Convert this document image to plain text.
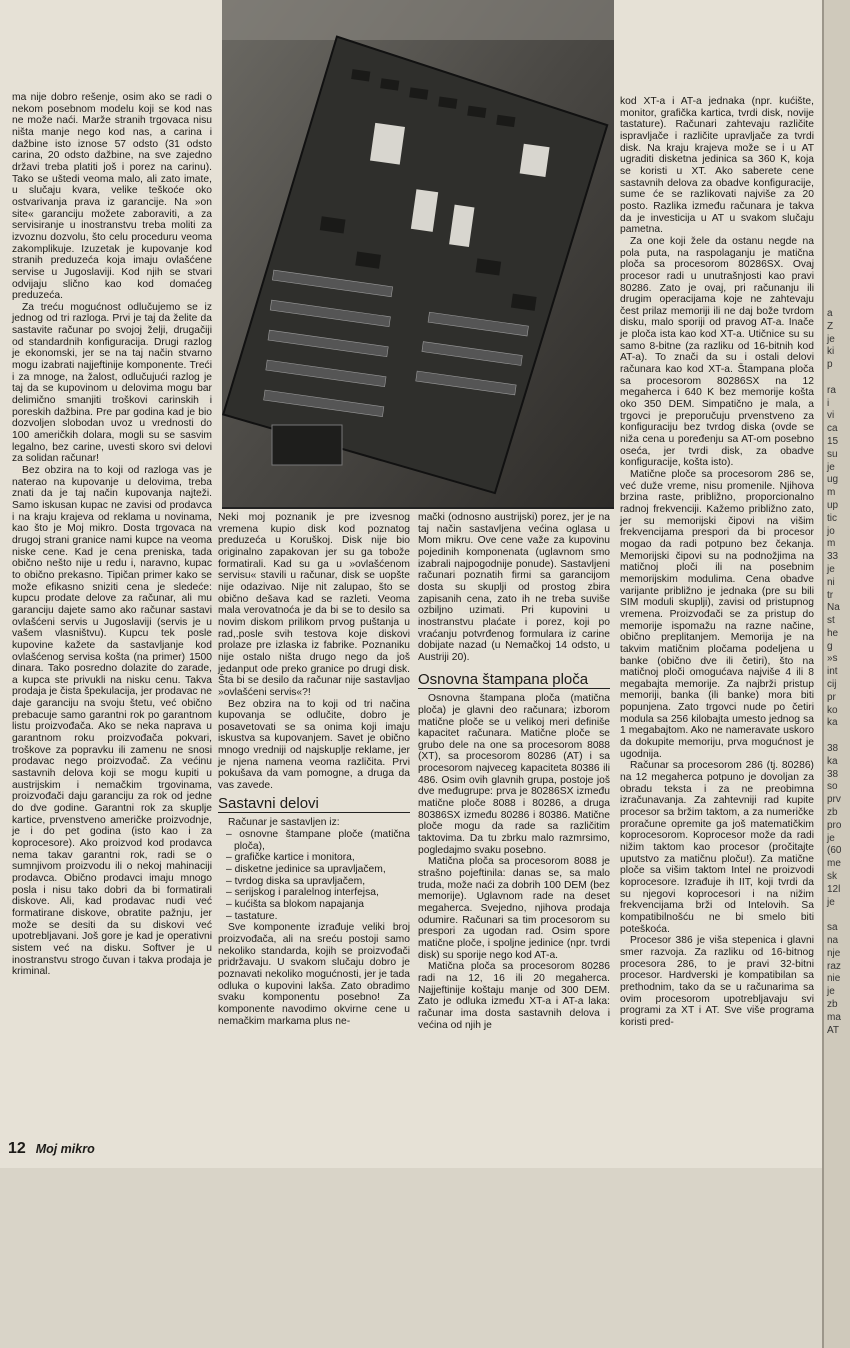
ma nije dobro rešenje, osim ako se radi o nekom posebnom modelu koji se kod nas ne može naći. Marže stranih trgovaca nisu ništa manje nego kod nas, a carina i dažbine isto iznose 57 odsto (31 odsto carina, 20 odsto dažbine, na sve zajedno državi treba platiti još i porez na carinu). Tako se uštedi veoma malo, ali zato imate, u slučaju kvara, velike teškoće oko ostvarivanja prava iz garancije. Na »on site« garanciju možete zaboraviti, a za servisiranje u inostranstvu treba moliti za izvoznu dozvolu, što celu proceduru veoma zakomplikuje. Izuzetak je kupovanje kod stranih preduzeća koja imaju ovlašćene servise u Jugoslaviji. Kod njih se stvari odvijaju slično kao kod domaćeg preduzeća.

Za treću mogućnost odlučujemo se iz jednog od tri razloga. Prvi je taj da želite da sastavite računar po svojoj želji, drugačiji od standardnih konfiguracija. Drugi razlog je ekonomski, jer se na taj način stvarno mogu izabrati najjeftinije komponente. Treći i za mnoge, na žalost, odlučujući razlog je taj da se kupovinom u delovima mogu bar delimično smanjiti troškovi carinskih i poreskih dažbina. Pre par godina kad je bio dozvoljen slobodan uvoz u vrednosti do 100 američkih dolara, mogli su se sasvim legalno, bez carine, uvesti skoro svi delovi za solidan računar!

Bez obzira na to koji od razloga vas je naterao na kupovanje u delovima, treba znati da je taj način kupovanja najteži. Samo iskusan kupac ne zavisi od prodavca i na kraju krajeva od reklama u novinama, kao što je Moj mikro. Dosta trgovaca na drugoj strani granice nami kupce na veoma niske cene. Kad je cena preniska, tada obično nešto nije u redu i, naravno, kupac to obično prekasno. Tipičan primer kako se može efikasno sniziti cena je sledeće: kupcu prodate delove za računar, ali mu garanciju dajete samo ako računar sastavi ovlašćeni servis u Jugoslaviji (servis je u vašem vlasništvu). Kupcu tek posle kupovine kažete da sastavljanje kod ovlašćenog servisa košta (na primer) 1500 dinara. Tako posredno dolazite do zarade, a kupca ste privukli na nisku cenu. Takva prodaja je čista špekulacija, jer prodavac ne daje garanciju na svoju štetu, već obično prebacuje samo garantni rok po garantnom listu proizvođača. Ako se neka naprava u garantnom roku proizvođača pokvari, troškove za popravku ili zamenu ne snosi prodavac nego proizvođač. Za većinu sastavnih delova koji se mogu kupiti u austrijskim i nemačkim trgovinama, proizvođači daju garanciju za rok od jedne do dve godine. Garantni rok za skuplje kartice, prvenstveno američke proizvodnje, je i do pet godina (isto kao i za koprocesore). Ako proizvod kod prodavca nema takav garantni rok, radi se o sumnjivom proizvodu ili o nekoj mahinaciji prodavca. Obično prodavci imaju mnogo posla i nisu tako dobri da bi formatirali diskove. Ali, kad prodavac nudi već formatirane diskove, obratite pažnju, jer može se desiti da su diskovi već upotrebljavani. Još gore je kad je operativni sistem već na disku. Softver je u inostranstvu strogo čuvan i takva prodaja je kriminal.

Neki moj poznanik je pre izvesnog vremena kupio disk kod poznatog preduzeća u Koruškoj. Disk nije bio originalno zapakovan jer su ga tobože formatirali. Kad su ga u »ovlašćenom servisu« stavili u računar, disk se uopšte nije odazivao. Nije nit zalupao, što se obično dešava kad se razleti. Veoma mala verovatnoća je da bi se to desilo sa novim diskom prilikom prvog puštanja u rad,.posle svih testova koje diskovi prolaze pre izlaska iz fabrike. Poznaniku nije ostalo ništa drugo nego da još jedanput ode preko granice po drugi disk. Šta bi se desilo da računar nije sastavljao »ovlašćeni servis«?!

Bez obzira na to koji od tri načina kupovanja se odlučite, dobro je posavetovati se sa onima koji imaju iskustva sa kupovanjem. Savet je obično mnogo vredniji od najskuplje reklame, jer je njena namena veoma različita. Prvi pokušava da vam pomogne, a druga da vas zavede.

Sastavni delovi

Računar je sastavljen iz:

– osnovne štampane ploče (matična ploča),
– grafičke kartice i monitora,
– disketne jedinice sa upravljačem,
– tvrdog diska sa upravljačem,
– serijskog i paralelnog interfejsa,
– kućišta sa blokom napajanja
– tastature.

Sve komponente izrađuje veliki broj proizvođača, ali na sreću postoji samo nekoliko standarda, kojih se proizvođači pridržavaju. U svakom slučaju dobro je poznavati nekoliko mogućnosti, jer je tada odluka o kupovini lakša. Zato obradimo svaku komponentu posebno! Za komponente navodimo okvirne cene u nemačkim markama plus ne-

mački (odnosno austrijski) porez, jer je na taj način sastavljena većina oglasa u Mom mikru. Ove cene važe za kupovinu pojedinih komponenata (uglavnom smo izabrali najpogodnije ponude). Sastavljeni računari poznatih firmi sa garancijom dosta su skuplji od prostog zbira zapisanih cena, zato ih ne treba suviše ozbiljno uzimati. Pri kupovini u inostranstvu plaćate i porez, koji po vraćanju potvrđenog formulara iz carine dobijate nazad (u Nemačkoj 14 odsto, u Austriji 20).

Osnovna štampana ploča

Osnovna štampana ploča (matična ploča) je glavni deo računara; izborom matične ploče se u velikoj meri definiše kapacitet računara. Matične ploče se grubo dele na one sa procesorom 8088 (XT), sa procesorom 80286 (AT) i sa procesorom najveceg kapaciteta 80386 ili 486. Osim ovih glavnih grupa, postoje još dve međugrupe: prva je 80286SX između matične ploče 8088 i 80286, a druga 80386SX između 80286 i 80386. Matične ploče mogu da rade sa različitim taktovima. Da tu zbrku malo razmrsimo, pogledajmo svaku posebno.

Matična ploča sa procesorom 8088 je strašno pojeftinila: danas se, sa malo truda, može naći za dobrih 100 DEM (bez memorije). Uglavnom rade na deset megaherca. Svejedno, njihova prodaja odumire. Računari sa tim procesorom su prespori za ugodan rad. Osim spore matične ploče, i spoljne jedinice (npr. tvrdi disk) su sporije nego kod AT-a.

Matična ploča sa procesorom 80286 radi na 12, 16 ili 20 megaherca. Najjeftinije koštaju manje od 300 DEM. Zato je odluka između XT-a i AT-a laka: računar ima dosta sastavnih delova i većina od njih je

kod XT-a i AT-a jednaka (npr. kućište, monitor, grafička kartica, tvrdi disk, novije tastature). Računari zahtevaju različite ispravljače i različite upravljače za tvrdi disk. Na kraju krajeva može se i u AT ugraditi disketna jedinica sa 360 K, koja se koristi u XT. Ako saberete cene sastavnih delova za obadve konfiguracije, sume će se razlikovati najviše za 20 posto. Razlika između računara je takva da je investicija u AT u svakom slučaju pametna.

Za one koji žele da ostanu negde na pola puta, na raspolaganju je matična ploča sa procesorom 80286SX. Ovaj procesor radi u unutrašnjosti kao pravi 80286. Zato je ovaj, pri računanju ili drugim operacijama koje ne zahtevaju čest prilaz memoriji ili ne daj bože tvrdom disku, malo sporiji od pravog AT-a. Inače je ploča ista kao kod XT-a. Utičnice su su samo 8-bitne (za razliku od 16-bitnih kod AT-a). To znači da su i ostali delovi računara kao kod XT-a. Štampana ploča sa procesorom 80286SX na 12 megaherca i 640 K bez memorije košta oko 350 DEM. Simpatično je mala, a trgovci je preporučuju prvenstveno za konfiguraciju bez tvrdog diska (ovde se niža cena u poređenju sa AT-om posebno oseća, jer tvrdi disk, za obadve konfiguracije, košta isto).

Matične ploče sa procesorom 286 se, već duže vreme, nisu promenile. Njihova brzina raste, približno, proporcionalno radnoj frekvenciji. Kažemo približno zato, jer su memorijski čipovi na višim frekvencijama prespori da bi procesor mogao da radi potpuno bez čekanja. Memorijski čipovi su na podnožjima na matičnoj ploči ili na posebnim memorijskim modulima. Cena obadve varijante približno je jednaka (pre su bili SIM moduli skuplji), zavisi od pristupnog vremena. Proizvođači se za pristup do memorije ispomažu na razne načine, obično preplitanjem. Memorija je na takvim matičnim pločama podeljena u banke (obično dve ili četiri), što na matičnoj ploči omogućava najviše 4 ili 8 megabajta memorije. Za najbrži pristup memoriji, banka (ili banke) mora biti popunjena. Zato trgovci nude po četiri modula sa 256 kilobajta umesto jednog sa 1 megabajtom. Ako ne nameravate uskoro da dokupite memoriju, prva mogućnost je ugodnija.

Računar sa procesorom 286 (tj. 80286) na 12 megaherca potpuno je dovoljan za obradu teksta i za ne preobimna izračunavanja. Za zahtevniji rad kupite procesor sa bržim taktom, a za numeričke proračune opremite ga još matematičkim koprocesorom. Koprocesor može da radi nižim taktom kao procesor (pročitajte uputstvo za matičnu ploču!). Za matične ploče sa višim taktom Intel ne proizvodi koprocesore. Izrađuje ih IIT, koji tvrdi da su njegovi koprocesori i na nižim frekvencijama brži od Intelovih. Sa kompatibilnošću ne bi smelo biti poteškoća.

Procesor 386 je viša stepenica i glavni smer razvoja. Za razliku od 16-bitnog procesora 286, to je pravi 32-bitni procesor. Hardverski je kompatibilan sa prethodnim, tako da se u računarima sa ovim procesorom upotrebljavaju svi programi za XT i AT. Sve više programa koristi pred-

12 Moj mikro

a
Z
je
ki
p

ra
i
vi
ca
15
su
je
ug
m
up
tic
jo
m
33
je
ni
tr
Na
st
he
g
»s
int
cij
pr
ko
ka

38
ka
38
so
prv
zb
pro
je
(60
me
sk
12l
je

sa
na
nje
raz
nie
je
zb
ma
AT
